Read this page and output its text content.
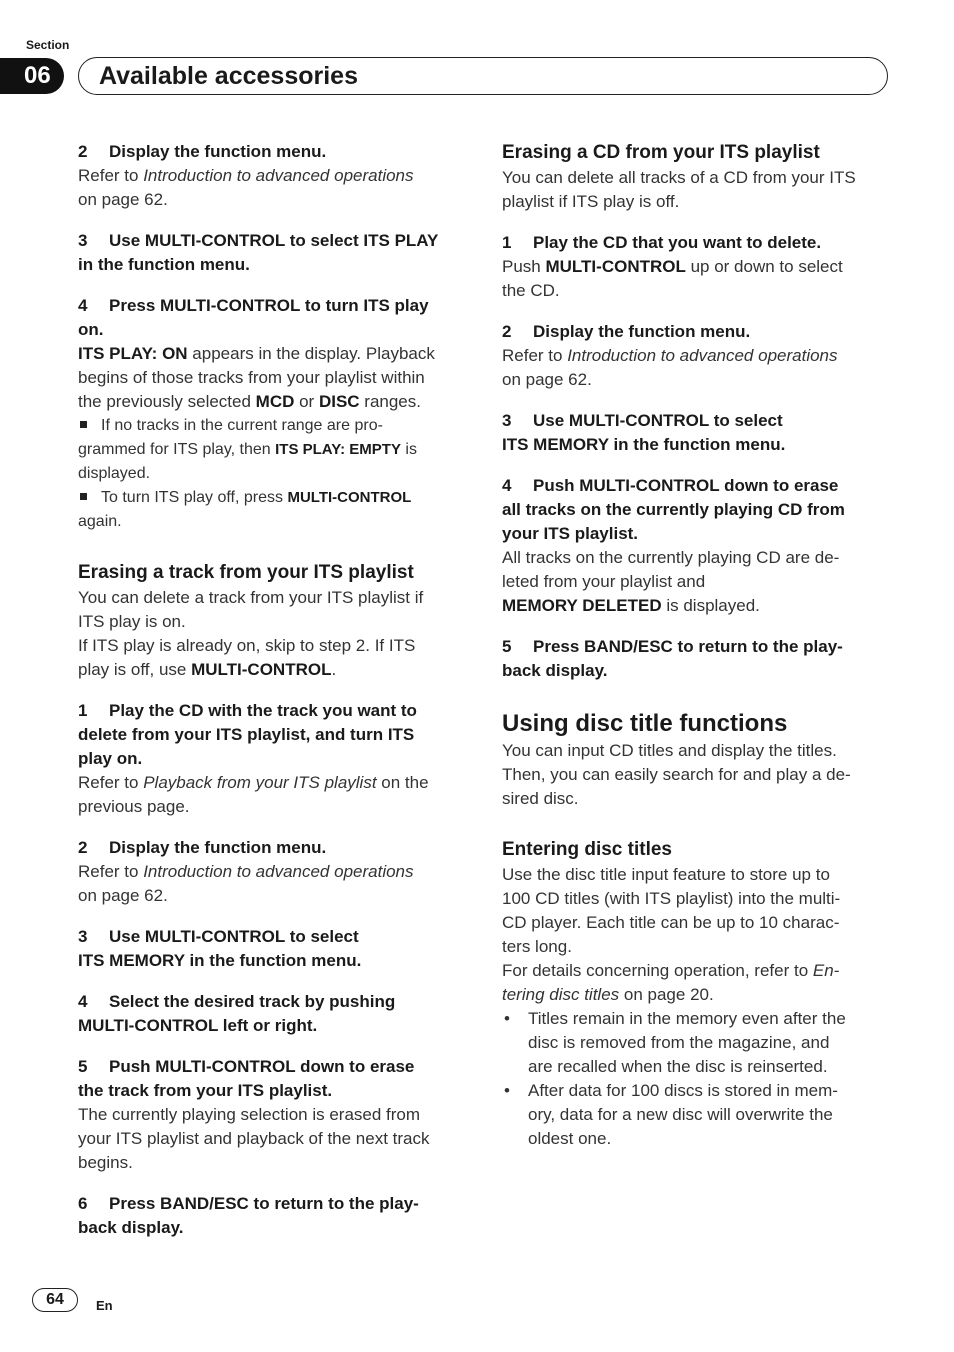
Section
06	Available accessories

2 Display the function menu.

Refer to Introduction to advanced operations
on page 62.

3 Use MULTI-CONTROL to select ITS PLAY
in the function menu.

4 Press MULTI-CONTROL to turn ITS play
on.

ITS PLAY: ON appears in the display. Playback
begins of those tracks from your playlist within
the previously selected MCD or DISC ranges.

If no tracks in the current range are pro-
grammed for ITS play, then ITS PLAY: EMPTY is
displayed.

To turn ITS play off, press MULTI-CONTROL
again.

Erasing a track from your ITS playlist

You can delete a track from your ITS playlist if
ITS play is on.
If ITS play is already on, skip to step 2. If ITS
play is off, use MULTI-CONTROL.

1 Play the CD with the track you want to
delete from your ITS playlist, and turn ITS
play on.

Refer to Playback from your ITS playlist on the
previous page.

2 Display the function menu.

Refer to Introduction to advanced operations
on page 62.

3 Use MULTI-CONTROL to select
ITS MEMORY in the function menu.

4 Select the desired track by pushing
MULTI-CONTROL left or right.

5 Push MULTI-CONTROL down to erase
the track from your ITS playlist.

The currently playing selection is erased from
your ITS playlist and playback of the next track
begins.

6 Press BAND/ESC to return to the play-
back display.

Erasing a CD from your ITS playlist

You can delete all tracks of a CD from your ITS
playlist if ITS play is off.

1 Play the CD that you want to delete.

Push MULTI-CONTROL up or down to select
the CD.

2 Display the function menu.

Refer to Introduction to advanced operations
on page 62.

3 Use MULTI-CONTROL to select
ITS MEMORY in the function menu.

4 Push MULTI-CONTROL down to erase
all tracks on the currently playing CD from
your ITS playlist.

All tracks on the currently playing CD are de-
leted from your playlist and
MEMORY DELETED is displayed.

5 Press BAND/ESC to return to the play-
back display.

Using disc title functions

You can input CD titles and display the titles.
Then, you can easily search for and play a de-
sired disc.

Entering disc titles

Use the disc title input feature to store up to
100 CD titles (with ITS playlist) into the multi-
CD player. Each title can be up to 10 charac-
ters long.
For details concerning operation, refer to En-
tering disc titles on page 20.

• Titles remain in the memory even after the
disc is removed from the magazine, and
are recalled when the disc is reinserted.

• After data for 100 discs is stored in mem-
ory, data for a new disc will overwrite the
oldest one.

64	En
